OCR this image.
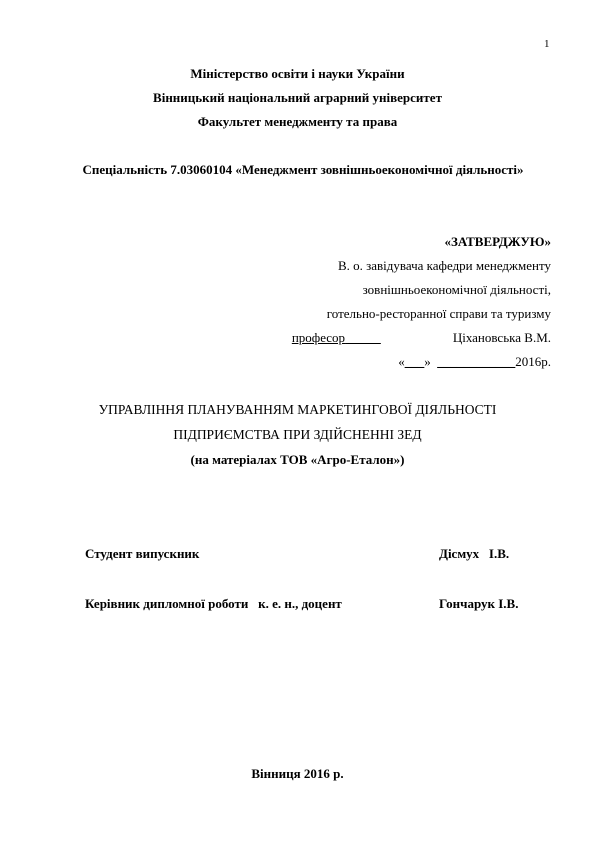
1
Міністерство освіти і науки України
Вінницький національний аграрний університет
Факультет менеджменту та права
Спеціальність 7.03060104 «Менеджмент зовнішньоекономічної діяльності»
«ЗАТВЕРДЖУЮ»
В. о. завідувача кафедри менеджменту
зовнішньоекономічної діяльності,
готельно-ресторанної справи та туризму
професор	Ціхановська В.М.
«___» ____________2016р.
УПРАВЛІННЯ ПЛАНУВАННЯМ МАРКЕТИНГОВОЇ ДІЯЛЬНОСТІ
ПІДПРИЄМСТВА ПРИ ЗДІЙСНЕННІ ЗЕД
(на матеріалах ТОВ «Агро-Еталон»)
Студент випускник	Дісмух   І.В.
Керівник дипломної роботи   к. е. н., доцент	Гончарук І.В.
Вінниця 2016 р.
